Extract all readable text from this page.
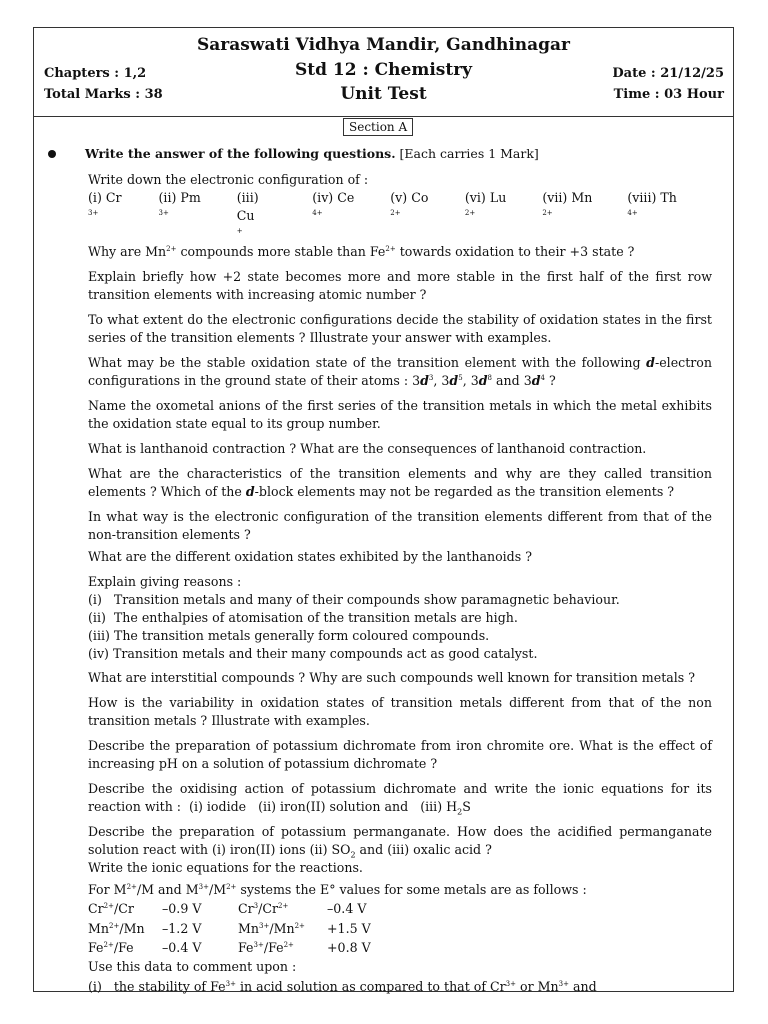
Saraswati Vidhya Mandir, Gandhinagar
Std 12 : Chemistry
Unit Test
Chapters : 1,2
Total Marks : 38
Date : 21/12/25
Time : 03 Hour
Section A
Write the answer of the following questions. [Each carries 1 Mark]

Write down the electronic configuration of :

(i) $Cr^{3+}$
(ii) $Pm^{3+}$
(iii) Cu+
(iv) $Ce^{4+}$
(v) $Co^{2+}$
(vi) $Lu^{2+}$
(vii) $Mn^{2+}$
(viii) $Th^{4+}$

Why are $Mn^{2+}$ compounds more stable than $Fe^{2+}$ towards oxidation to their +3 state ?

Explain briefly how +2 state becomes more and more stable in the first half of the first row transition elements with increasing atomic number ?

To what extent do the electronic configurations decide the stability of oxidation states in the first series of the transition elements ? Illustrate your answer with examples.

What may be the stable oxidation state of the transition element with the following d-electron configurations in the ground state of their atoms : $3d^3$, $3d^5$, $3d^8$ and $3d^4$ ?

Name the oxometal anions of the first series of the transition metals in which the metal exhibits the oxidation state equal to its group number.

What is lanthanoid contraction ? What are the consequences of lanthanoid contraction.

What are the characteristics of the transition elements and why are they called transition elements ? Which of the d-block elements may not be regarded as the transition elements ?

In what way is the electronic configuration of the transition elements different from that of the non-transition elements ?

What are the different oxidation states exhibited by the lanthanoids ?

Explain giving reasons :
(i)   Transition metals and many of their compounds show paramagnetic behaviour.
(ii)  The enthalpies of atomisation of the transition metals are high.
(iii) The transition metals generally form coloured compounds.
(iv) Transition metals and their many compounds act as good catalyst.

What are interstitial compounds ? Why are such compounds well known for transition metals ?

How is the variability in oxidation states of transition metals different from that of the non transition metals ? Illustrate with examples.

Describe the preparation of potassium dichromate from iron chromite ore. What is the effect of increasing pH on a solution of potassium dichromate ?

Describe the oxidising action of potassium dichromate and write the ionic equations for its reaction with :  (i) iodide   (ii) iron(II) solution and   (iii) $H_2S$

Describe the preparation of potassium permanganate. How does the acidified permanganate solution react with (i) iron(II) ions (ii) $SO_2$ and (iii) oxalic acid ?
Write the ionic equations for the reactions.

For $M^{2+}/M$ and $M^{3+}/M^{2+}$ systems the E° values for some metals are as follows :

$Cr^{2+}/Cr$	–0.9 V	$Cr^3/Cr^{2+}$	–0.4 V
$Mn^{2+}/Mn$	–1.2 V	$Mn^{3+}/Mn^{2+}$	+1.5 V
$Fe^{2+}/Fe$	–0.4 V	$Fe^{3+}/Fe^{2+}$	+0.8 V

Use this data to comment upon :

(i)   the stability of $Fe^{3+}$ in acid solution as compared to that of $Cr^{3+}$ or $Mn^{3+}$ and
